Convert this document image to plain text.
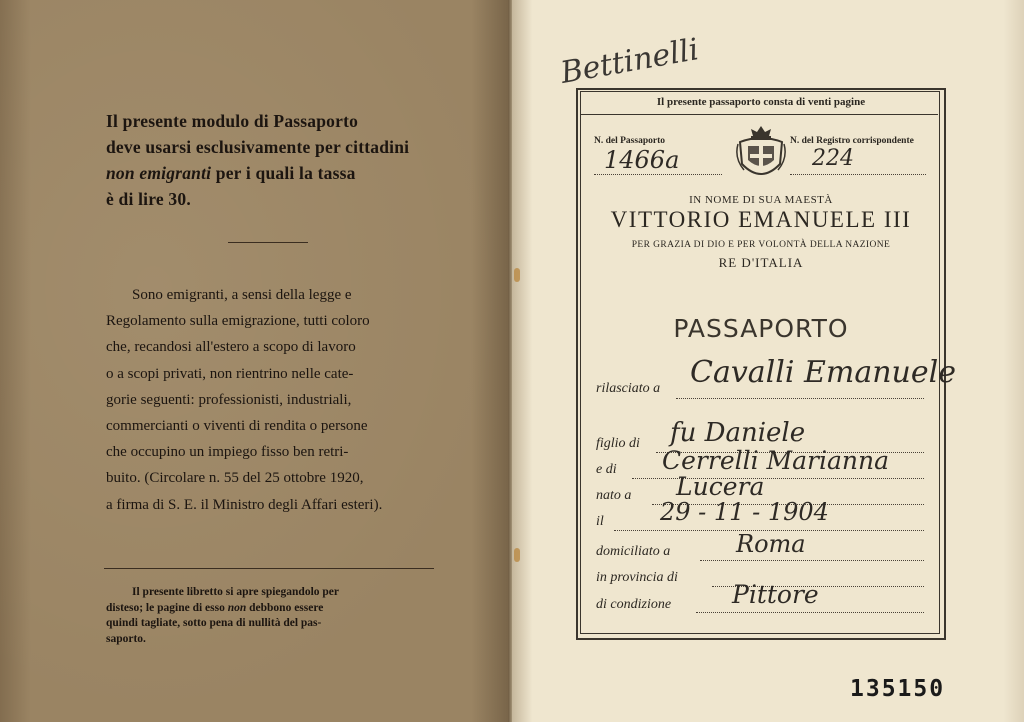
Il presente modulo di Passaporto
deve usarsi esclusivamente per cittadini
non emigranti per i quali la tassa
è di lire 30.
Sono emigranti, a sensi della legge e
Regolamento sulla emigrazione, tutti coloro
che, recandosi all'estero a scopo di lavoro
o a scopi privati, non rientrino nelle cate-
gorie seguenti: professionisti, industriali,
commercianti o viventi di rendita o persone
che occupino un impiego fisso ben retri-
buito. (Circolare n. 55 del 25 ottobre 1920,
a firma di S. E. il Ministro degli Affari esteri).
Il presente libretto si apre spiegandolo per
disteso; le pagine di esso non debbono essere
quindi tagliate, sotto pena di nullità del pas-
saporto.
Bettinelli
Il presente passaporto consta di venti pagine
N. del Passaporto
1466a
N. del Registro corrispondente
224
IN NOME DI SUA MAESTÀ
VITTORIO EMANUELE III
PER GRAZIA DI DIO E PER VOLONTÀ DELLA NAZIONE
RE D'ITALIA
PASSAPORTO
rilasciato a Cavalli Emanuele
figlio di fu Daniele
e di Cerrelli Marianna
nato a Lucera
il 29 - 11 - 1904
domiciliato a	Roma
in provincia di
di condizione Pittore
135150
